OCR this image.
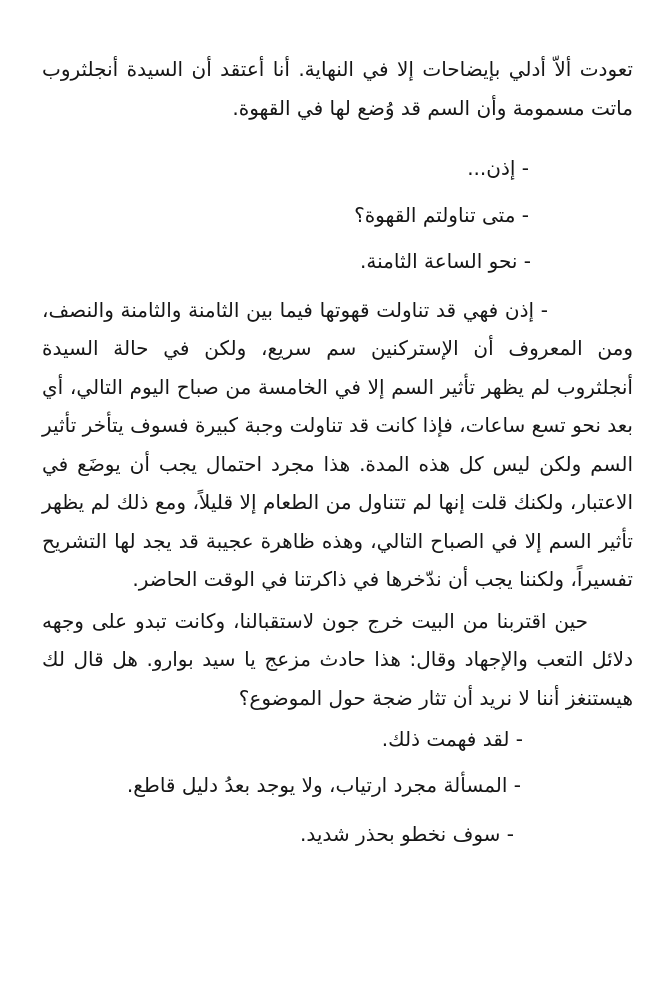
تعودت ألاّ أدلي بإيضاحات إلا في النهاية. أنا أعتقد أن السيدة أنجلثروب ماتت مسمومة وأن السم قد وُضع لها في القهوة.

- إذن...

- متى تناولتم القهوة؟

- نحو الساعة الثامنة.

- إذن فهي قد تناولت قهوتها فيما بين الثامنة والثامنة والنصف، ومن المعروف أن الإستركنين سم سريع، ولكن في حالة السيدة أنجلثروب لم يظهر تأثير السم إلا في الخامسة من صباح اليوم التالي، أي بعد نحو تسع ساعات، فإذا كانت قد تناولت وجبة كبيرة فسوف يتأخر تأثير السم ولكن ليس كل هذه المدة. هذا مجرد احتمال يجب أن يوضَع في الاعتبار، ولكنك قلت إنها لم تتناول من الطعام إلا قليلاً، ومع ذلك لم يظهر تأثير السم إلا في الصباح التالي، وهذه ظاهرة عجيبة قد يجد لها التشريح تفسيراً، ولكننا يجب أن ندّخرها في ذاكرتنا في الوقت الحاضر.

حين اقتربنا من البيت خرج جون لاستقبالنا، وكانت تبدو على وجهه دلائل التعب والإجهاد وقال: هذا حادث مزعج يا سيد بوارو. هل قال لك هيستنغز أننا لا نريد أن تثار ضجة حول الموضوع؟

- لقد فهمت ذلك.

- المسألة مجرد ارتياب، ولا يوجد بعدُ دليل قاطع.

- سوف نخطو بحذر شديد.
